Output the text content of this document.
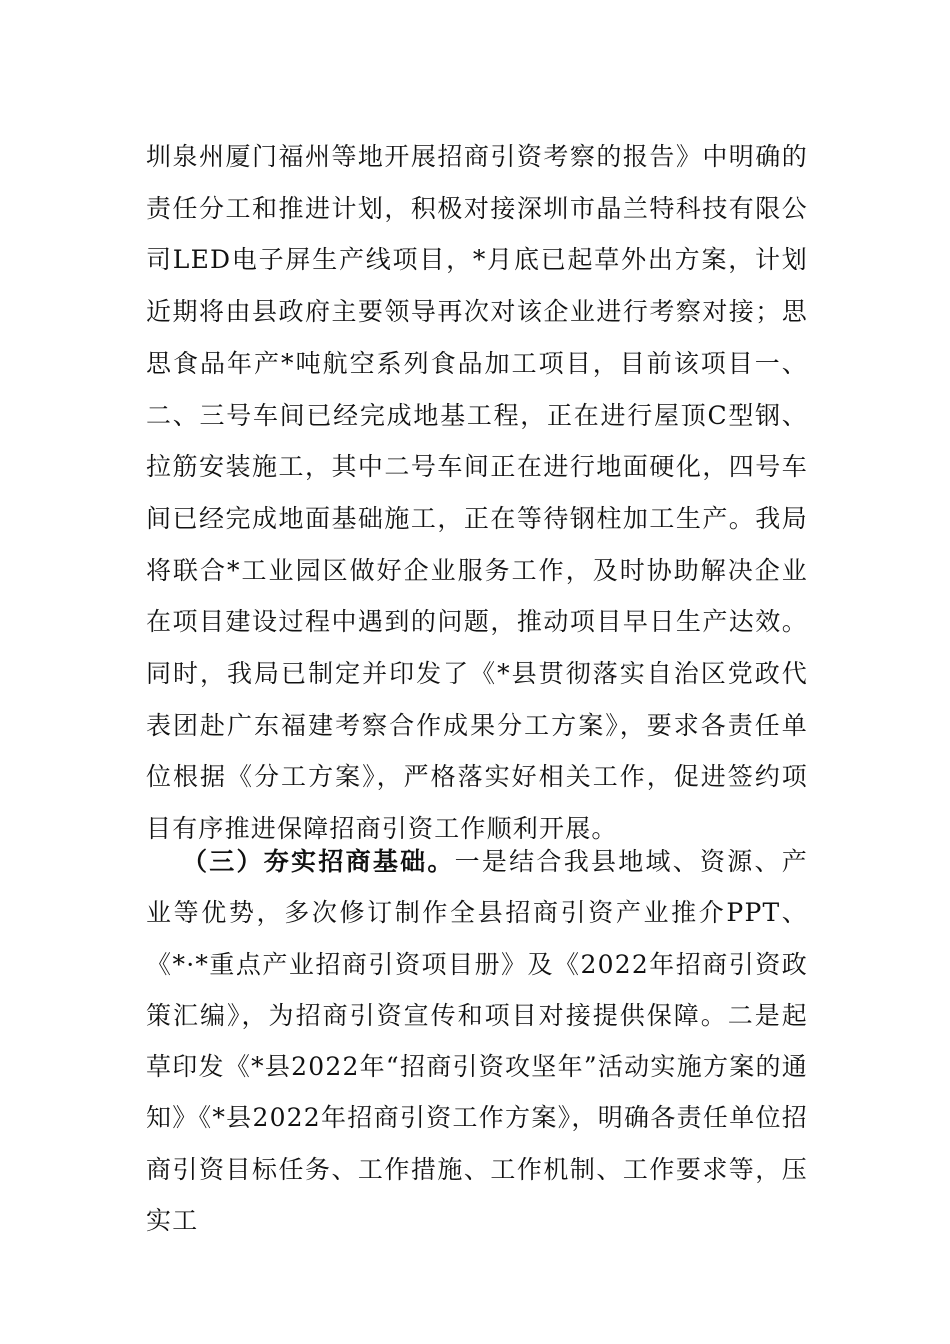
圳泉州厦门福州等地开展招商引资考察的报告》中明确的责任分工和推进计划，积极对接深圳市晶兰特科技有限公司LED电子屏生产线项目，*月底已起草外出方案，计划近期将由县政府主要领导再次对该企业进行考察对接；思思食品年产*吨航空系列食品加工项目，目前该项目一、二、三号车间已经完成地基工程，正在进行屋顶C型钢、拉筋安装施工，其中二号车间正在进行地面硬化，四号车间已经完成地面基础施工，正在等待钢柱加工生产。我局将联合*工业园区做好企业服务工作，及时协助解决企业在项目建设过程中遇到的问题，推动项目早日生产达效。同时，我局已制定并印发了《*县贯彻落实自治区党政代表团赴广东福建考察合作成果分工方案》，要求各责任单位根据《分工方案》，严格落实好相关工作，促进签约项目有序推进保障招商引资工作顺利开展。

（三）夯实招商基础。一是结合我县地域、资源、产业等优势，多次修订制作全县招商引资产业推介PPT、《*·*重点产业招商引资项目册》及《2022年招商引资政策汇编》，为招商引资宣传和项目对接提供保障。二是起草印发《*县2022年“招商引资攻坚年”活动实施方案的通知》《*县2022年招商引资工作方案》，明确各责任单位招商引资目标任务、工作措施、工作机制、工作要求等，压实工
